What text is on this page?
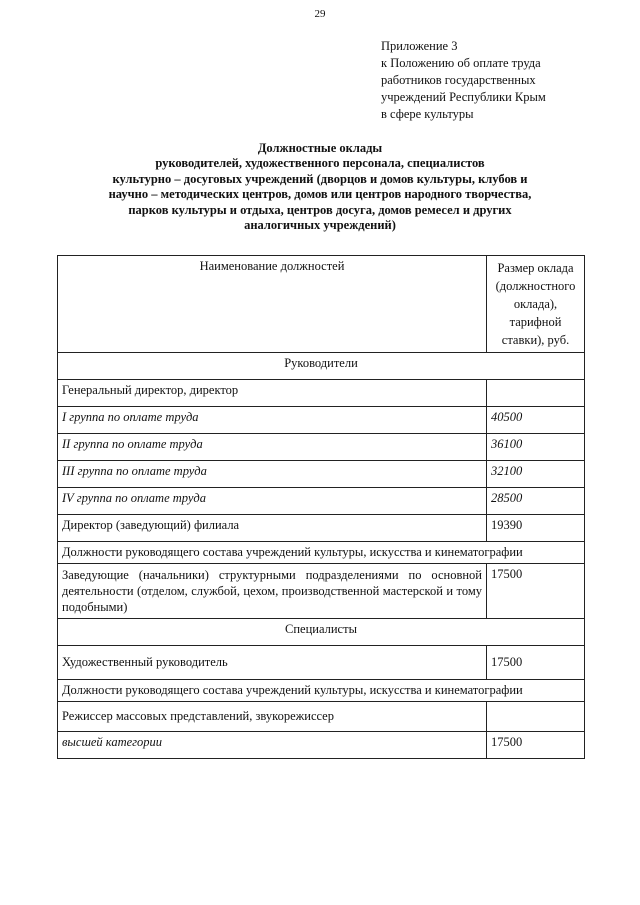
29
Приложение 3
к Положению об оплате труда
работников государственных
учреждений Республики Крым
в сфере культуры
Должностные оклады
руководителей, художественного персонала, специалистов
культурно – досуговых учреждений (дворцов и домов культуры, клубов и
научно – методических центров, домов или центров народного творчества,
парков культуры и отдыха, центров досуга, домов ремесел и других
аналогичных учреждений)
Наименование должностей	Размер оклада
(должностного
оклада),
тарифной
ставки), руб.

Руководители	
Генеральный директор, директор	
I группа по оплате труда	40500
II группа по оплате труда	36100
III группа по оплате труда	32100
IV группа по оплате труда	28500
Директор (заведующий) филиала	19390
Должности руководящего состава учреждений культуры, искусства и кинематографии	
Заведующие (начальники) структурными подразделениями по основной деятельности (отделом, службой, цехом, производственной мастерской и тому подобными)	17500
Специалисты	
Художественный руководитель	17500
Должности руководящего состава учреждений культуры, искусства и кинематографии	
Режиссер массовых представлений, звукорежиссер	
высшей категории	17500
